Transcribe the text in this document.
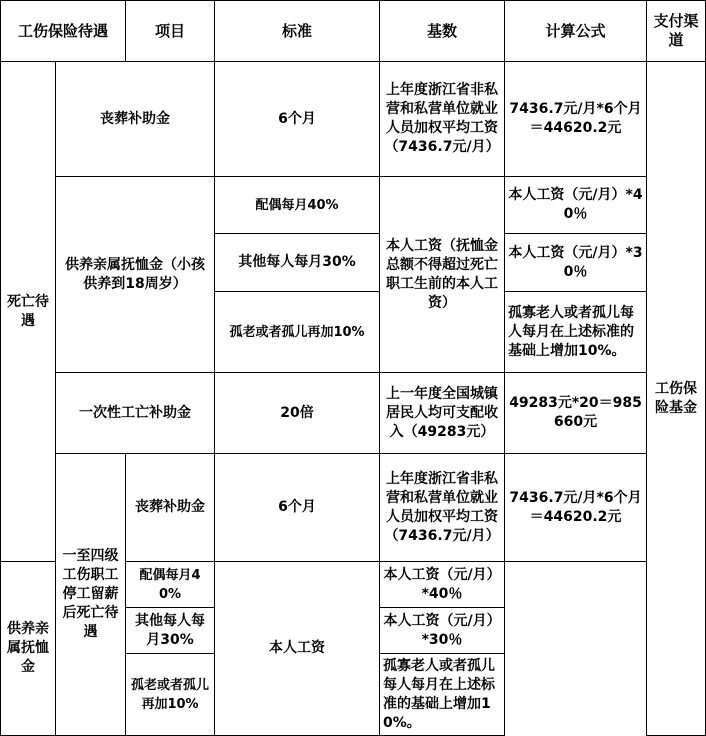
工伤保险待遇		项目	标准	基数	计算公式	支付渠道
死亡待遇	丧葬补助金		6个月	上年度浙江省非私营和私营单位就业人员加权平均工资（7436.7元/月）	7436.7元/月*6个月＝44620.2元	工伤保险基金
	供养亲属抚恤金（小孩供养到18周岁）		配偶每月40%	本人工资（抚恤金总额不得超过死亡职工生前的本人工资）	本人工资（元/月）*40％	
			其他每人每月30%		本人工资（元/月）*30％	
			孤老或者孤儿再加10%		孤寡老人或者孤儿每人每月在上述标准的基础上增加10%。	
	一次性工亡补助金		20倍	上一年度全国城镇居民人均可支配收入（49283元）	49283元*20＝985660元	
	一至四级工伤职工停工留薪后死亡待遇	丧葬补助金	6个月	上年度浙江省非私营和私营单位就业人员加权平均工资（7436.7元/月）	7436.7元/月*6个月＝44620.2元	
供养亲属抚恤金		配偶每月40%	本人工资	本人工资（元/月）*40％		
		其他每人每月30%		本人工资（元/月）*30％		
		孤老或者孤儿再加10%		孤寡老人或者孤儿每人每月在上述标准的基础上增加10%。		
